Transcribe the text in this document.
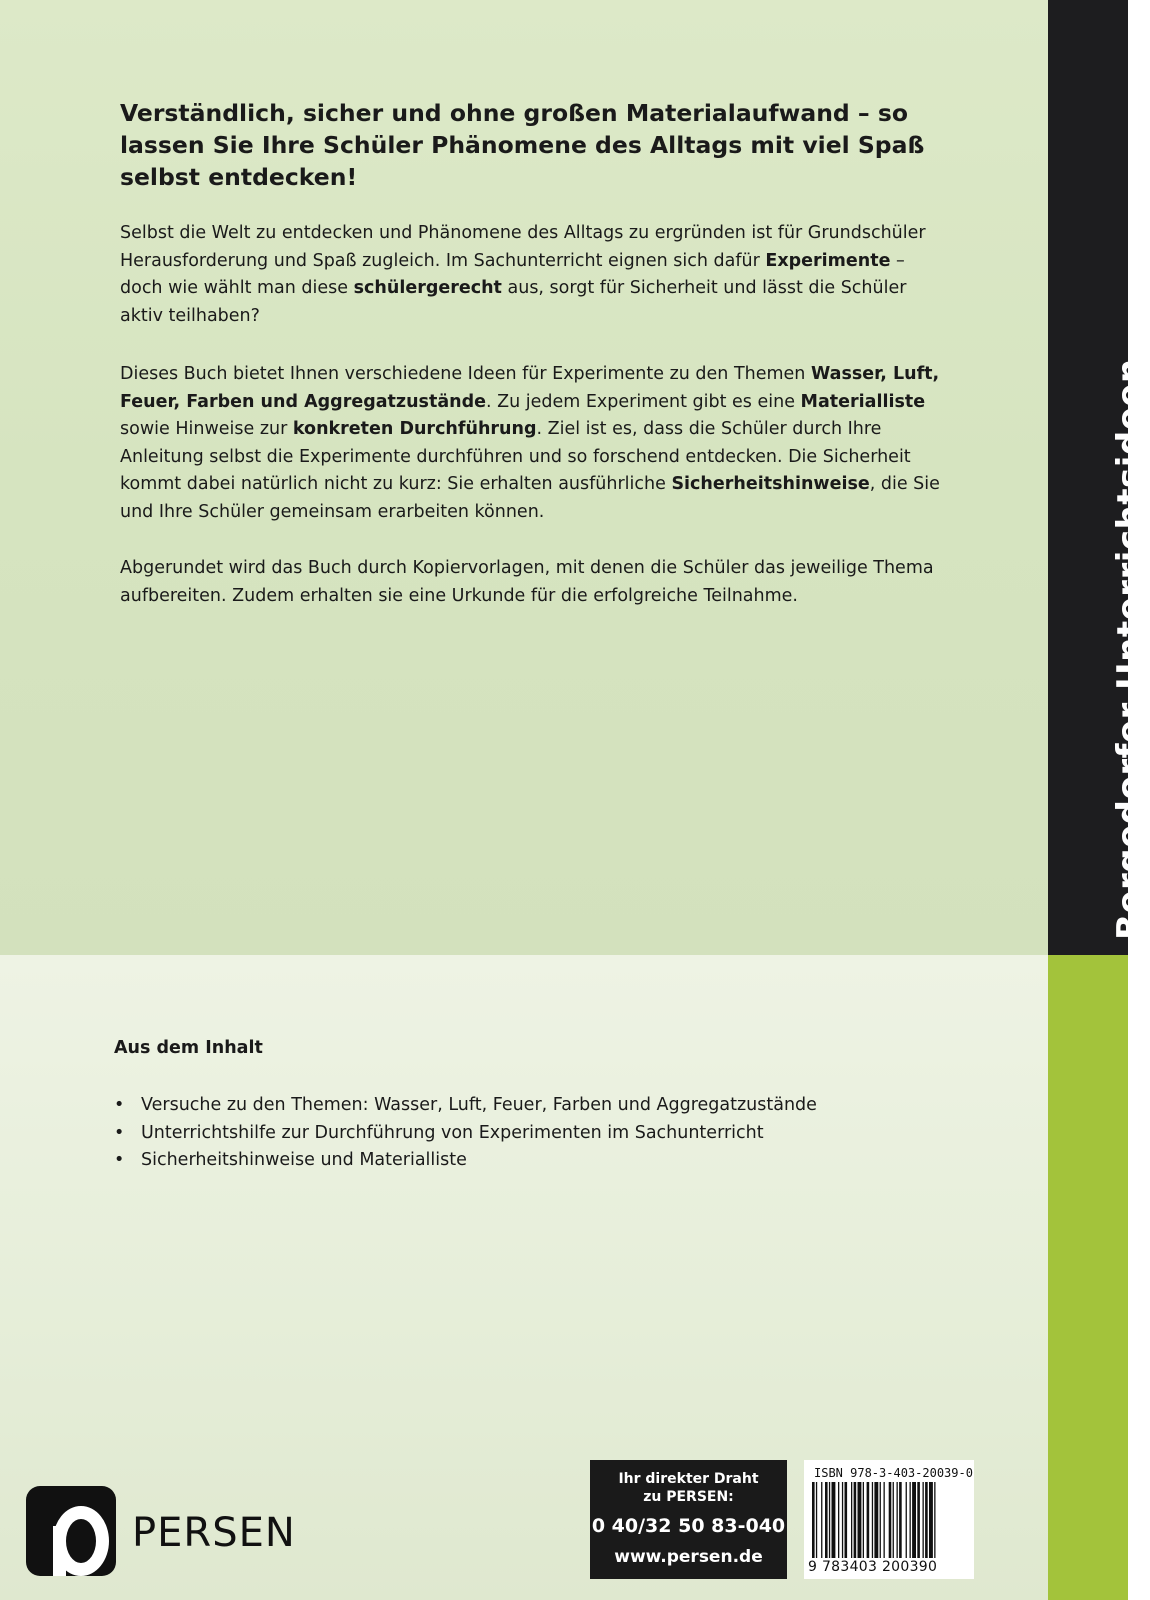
Bergedorfer Unterrichtsideen

Verständlich, sicher und ohne großen Materialaufwand – so lassen Sie Ihre Schüler Phänomene des Alltags mit viel Spaß selbst entdecken!

Selbst die Welt zu entdecken und Phänomene des Alltags zu ergründen ist für Grundschüler Herausforderung und Spaß zugleich. Im Sachunterricht eignen sich dafür Experimente – doch wie wählt man diese schülergerecht aus, sorgt für Sicherheit und lässt die Schüler aktiv teilhaben?

Dieses Buch bietet Ihnen verschiedene Ideen für Experimente zu den Themen Wasser, Luft, Feuer, Farben und Aggregatzustände. Zu jedem Experiment gibt es eine Materialliste sowie Hinweise zur konkreten Durchführung. Ziel ist es, dass die Schüler durch Ihre Anleitung selbst die Experimente durchführen und so forschend entdecken. Die Sicherheit kommt dabei natürlich nicht zu kurz: Sie erhalten ausführliche Sicherheitshinweise, die Sie und Ihre Schüler gemeinsam erarbeiten können.

Abgerundet wird das Buch durch Kopiervorlagen, mit denen die Schüler das jeweilige Thema aufbereiten. Zudem erhalten sie eine Urkunde für die erfolgreiche Teilnahme.

Aus dem Inhalt

• Versuche zu den Themen: Wasser, Luft, Feuer, Farben und Aggregatzustände
• Unterrichtshilfe zur Durchführung von Experimenten im Sachunterricht
• Sicherheitshinweise und Materialliste
PERSEN
Ihr direkter Draht
zu PERSEN:
0 40/32 50 83-040
www.persen.de
ISBN 978-3-403-20039-0
9 783403 200390
